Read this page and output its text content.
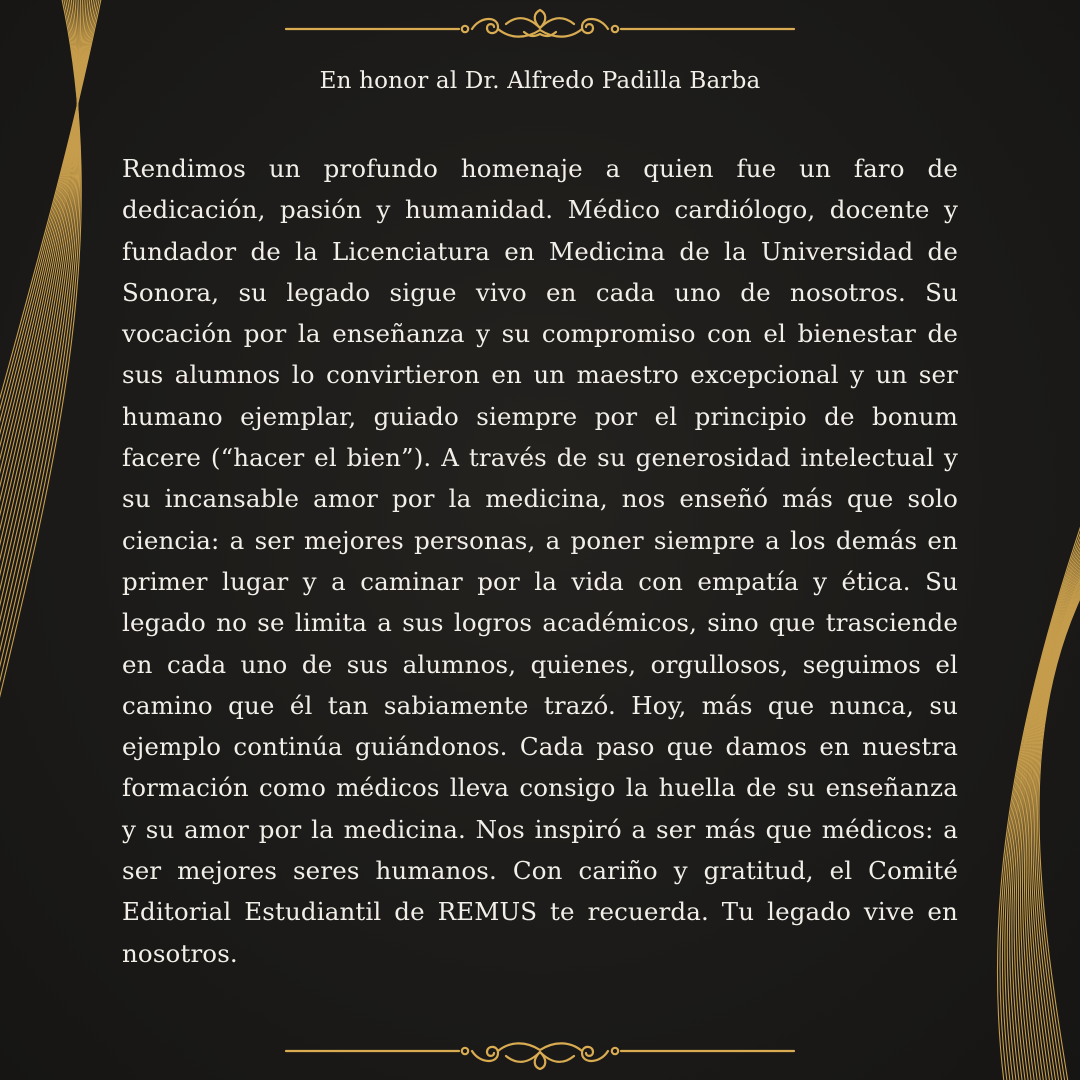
En honor al Dr. Alfredo Padilla Barba
Rendimos un profundo homenaje a quien fue un faro de dedicación, pasión y humanidad. Médico cardiólogo, docente y fundador de la Licenciatura en Medicina de la Universidad de Sonora, su legado sigue vivo en cada uno de nosotros. Su vocación por la enseñanza y su compromiso con el bienestar de sus alumnos lo convirtieron en un maestro excepcional y un ser humano ejemplar, guiado siempre por el principio de bonum facere (“hacer el bien”). A través de su generosidad intelectual y su incansable amor por la medicina, nos enseñó más que solo ciencia: a ser mejores personas, a poner siempre a los demás en primer lugar y a caminar por la vida con empatía y ética. Su legado no se limita a sus logros académicos, sino que trasciende en cada uno de sus alumnos, quienes, orgullosos, seguimos el camino que él tan sabiamente trazó. Hoy, más que nunca, su ejemplo continúa guiándonos. Cada paso que damos en nuestra formación como médicos lleva consigo la huella de su enseñanza y su amor por la medicina. Nos inspiró a ser más que médicos: a ser mejores seres humanos. Con cariño y gratitud, el Comité Editorial Estudiantil de REMUS te recuerda. Tu legado vive en nosotros.
